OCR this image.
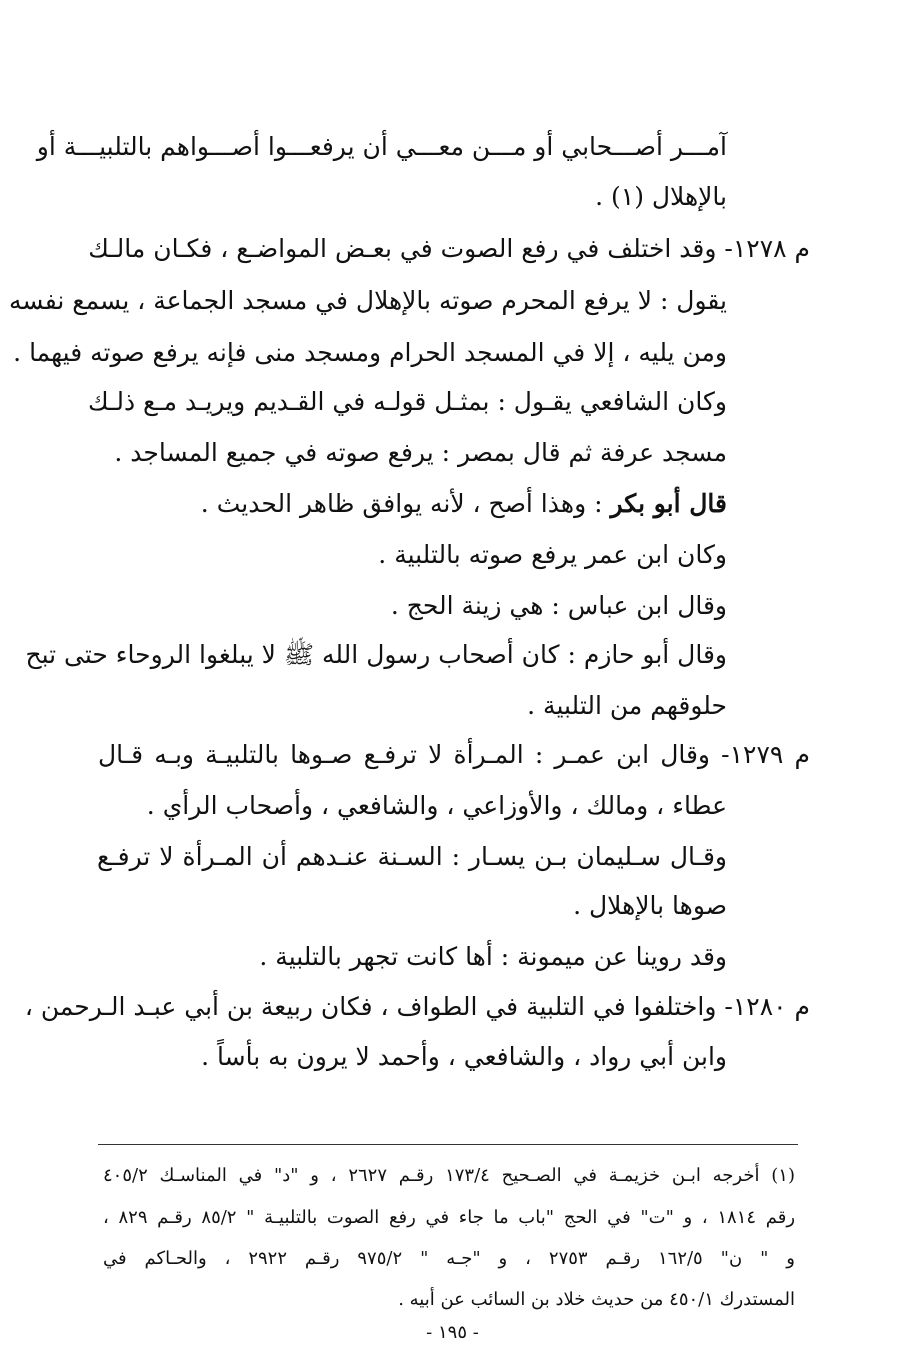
آمـــر أصـــحابي أو مـــن معـــي أن يرفعـــوا أصـــواهم بالتلبيـــة أو
بالإهلال (١) .
م ١٢٧٨- وقد اختلف في رفع الصوت في بعـض المواضـع ، فكـان مالـك
يقول : لا يرفع المحرم صوته بالإهلال في مسجد الجماعة ، يسمع نفسه
ومن يليه ، إلا في المسجد الحرام ومسجد منى فإنه يرفع صوته فيهما .
وكان الشافعي يقـول : بمثـل قولـه في القـديم ويريـد مـع ذلـك
مسجد عرفة ثم قال بمصر : يرفع صوته في جميع المساجد .
قال أبو بكر : وهذا أصح ، لأنه يوافق ظاهر الحديث .
وكان ابن عمر يرفع صوته بالتلبية .
وقال ابن عباس : هي زينة الحج .
وقال أبو حازم : كان أصحاب رسول الله ﷺ لا يبلغوا الروحاء حتى تبح
حلوقهم من التلبية .
م ١٢٧٩- وقال ابن عمـر : المـرأة لا ترفـع صـوها بالتلبيـة وبـه قـال
عطاء ، ومالك ، والأوزاعي ، والشافعي ، وأصحاب الرأي .
وقـال سـليمان بـن يسـار : السـنة عنـدهم أن المـرأة لا ترفـع
صوها بالإهلال .
وقد روينا عن ميمونة : أها كانت تجهر بالتلبية .
م ١٢٨٠- واختلفوا في التلبية في الطواف ، فكان ربيعة بن أبي عبـد الـرحمن ،
وابن أبي رواد ، والشافعي ، وأحمد لا يرون به بأساً .
(١) أخرجه ابـن خزيمـة في الصـحيح ١٧٣/٤ رقـم ٢٦٢٧ ، و "د" في المناسـك ٤٠٥/٢
رقم ١٨١٤ ، و "ت" في الحج "باب ما جاء في رفع الصوت بالتلبيـة " ٨٥/٢ رقـم ٨٢٩ ،
و " ن" ١٦٢/٥ رقـم ٢٧٥٣ ، و "جـه " ٩٧٥/٢ رقـم ٢٩٢٢ ، والحـاكم في
المستدرك ٤٥٠/١ من حديث خلاد بن السائب عن أبيه .
- ١٩٥ -
